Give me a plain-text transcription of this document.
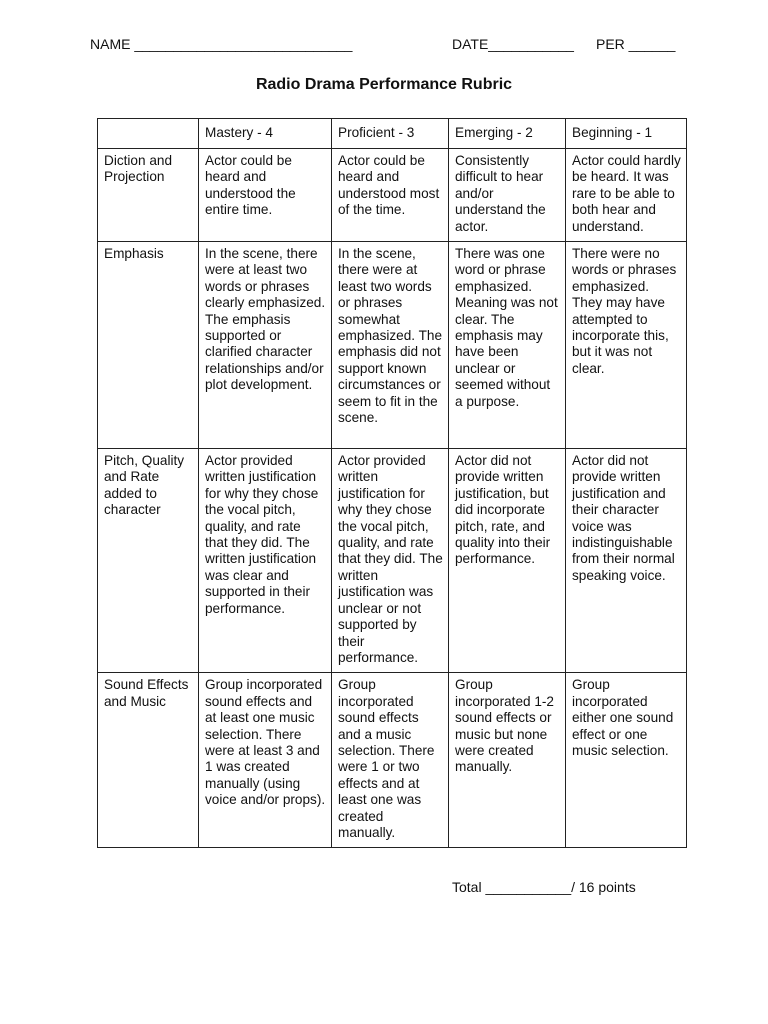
NAME ____________________________	DATE___________ PER ______
Radio Drama Performance Rubric
	Mastery - 4	Proficient - 3	Emerging - 2	Beginning - 1
Diction and Projection	Actor could be heard and understood the entire time.	Actor could be heard and understood most of the time.	Consistently difficult to hear and/or understand the actor.	Actor could hardly be heard. It was rare to be able to both hear and understand.
Emphasis	In the scene, there were at least two words or phrases clearly emphasized. The emphasis supported or clarified character relationships and/or plot development.	In the scene, there were at least two words or phrases somewhat emphasized. The emphasis did not support known circumstances or seem to fit in the scene.	There was one word or phrase emphasized. Meaning was not clear. The emphasis may have been unclear or seemed without a purpose.	There were no words or phrases emphasized. They may have attempted to incorporate this, but it was not clear.
Pitch, Quality and Rate added to character	Actor provided written justification for why they chose the vocal pitch, quality, and rate that they did. The written justification was clear and supported in their performance.	Actor provided written justification for why they chose the vocal pitch, quality, and rate that they did. The written justification was unclear or not supported by their performance.	Actor did not provide written justification, but did incorporate pitch, rate, and quality into their performance.	Actor did not provide written justification and their character voice was indistinguishable from their normal speaking voice.
Sound Effects and Music	Group incorporated sound effects and at least one music selection. There were at least 3 and 1 was created manually (using voice and/or props).	Group incorporated sound effects and a music selection. There were 1 or two effects and at least one was created manually.	Group incorporated 1-2 sound effects or music but none were created manually.	Group incorporated either one sound effect or one music selection.
Total ___________/ 16 points
